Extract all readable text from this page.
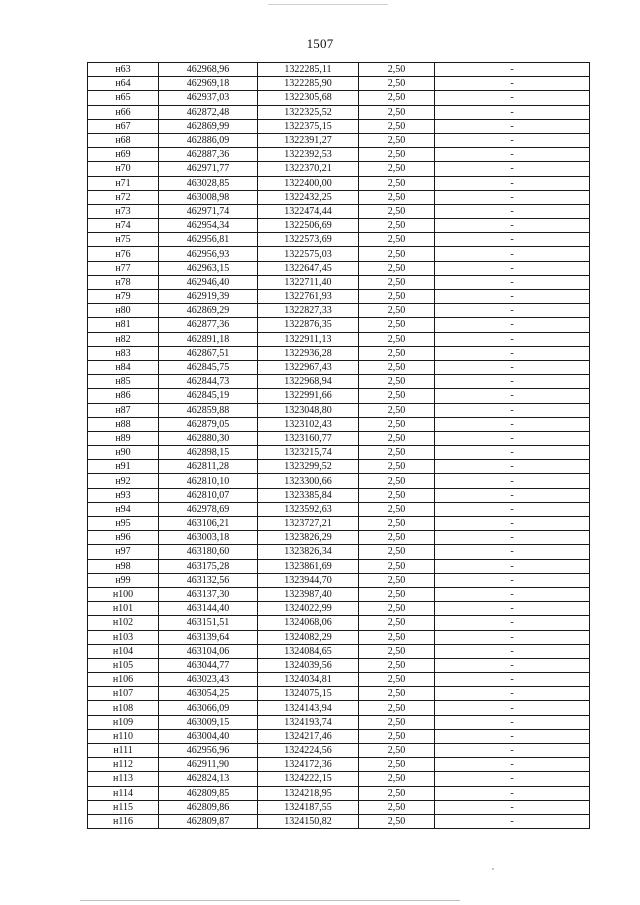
1507
н63	462968,96	1322285,11	2,50	-
н64	462969,18	1322285,90	2,50	-
н65	462937,03	1322305,68	2,50	-
н66	462872,48	1322325,52	2,50	-
н67	462869,99	1322375,15	2,50	-
н68	462886,09	1322391,27	2,50	-
н69	462887,36	1322392,53	2,50	-
н70	462971,77	1322370,21	2,50	-
н71	463028,85	1322400,00	2,50	-
н72	463008,98	1322432,25	2,50	-
н73	462971,74	1322474,44	2,50	-
н74	462954,34	1322506,69	2,50	-
н75	462956,81	1322573,69	2,50	-
н76	462956,93	1322575,03	2,50	-
н77	462963,15	1322647,45	2,50	-
н78	462946,40	1322711,40	2,50	-
н79	462919,39	1322761,93	2,50	-
н80	462869,29	1322827,33	2,50	-
н81	462877,36	1322876,35	2,50	-
н82	462891,18	1322911,13	2,50	-
н83	462867,51	1322936,28	2,50	-
н84	462845,75	1322967,43	2,50	-
н85	462844,73	1322968,94	2,50	-
н86	462845,19	1322991,66	2,50	-
н87	462859,88	1323048,80	2,50	-
н88	462879,05	1323102,43	2,50	-
н89	462880,30	1323160,77	2,50	-
н90	462898,15	1323215,74	2,50	-
н91	462811,28	1323299,52	2,50	-
н92	462810,10	1323300,66	2,50	-
н93	462810,07	1323385,84	2,50	-
н94	462978,69	1323592,63	2,50	-
н95	463106,21	1323727,21	2,50	-
н96	463003,18	1323826,29	2,50	-
н97	463180,60	1323826,34	2,50	-
н98	463175,28	1323861,69	2,50	-
н99	463132,56	1323944,70	2,50	-
н100	463137,30	1323987,40	2,50	-
н101	463144,40	1324022,99	2,50	-
н102	463151,51	1324068,06	2,50	-
н103	463139,64	1324082,29	2,50	-
н104	463104,06	1324084,65	2,50	-
н105	463044,77	1324039,56	2,50	-
н106	463023,43	1324034,81	2,50	-
н107	463054,25	1324075,15	2,50	-
н108	463066,09	1324143,94	2,50	-
н109	463009,15	1324193,74	2,50	-
н110	463004,40	1324217,46	2,50	-
н111	462956,96	1324224,56	2,50	-
н112	462911,90	1324172,36	2,50	-
н113	462824,13	1324222,15	2,50	-
н114	462809,85	1324218,95	2,50	-
н115	462809,86	1324187,55	2,50	-
н116	462809,87	1324150,82	2,50	-
